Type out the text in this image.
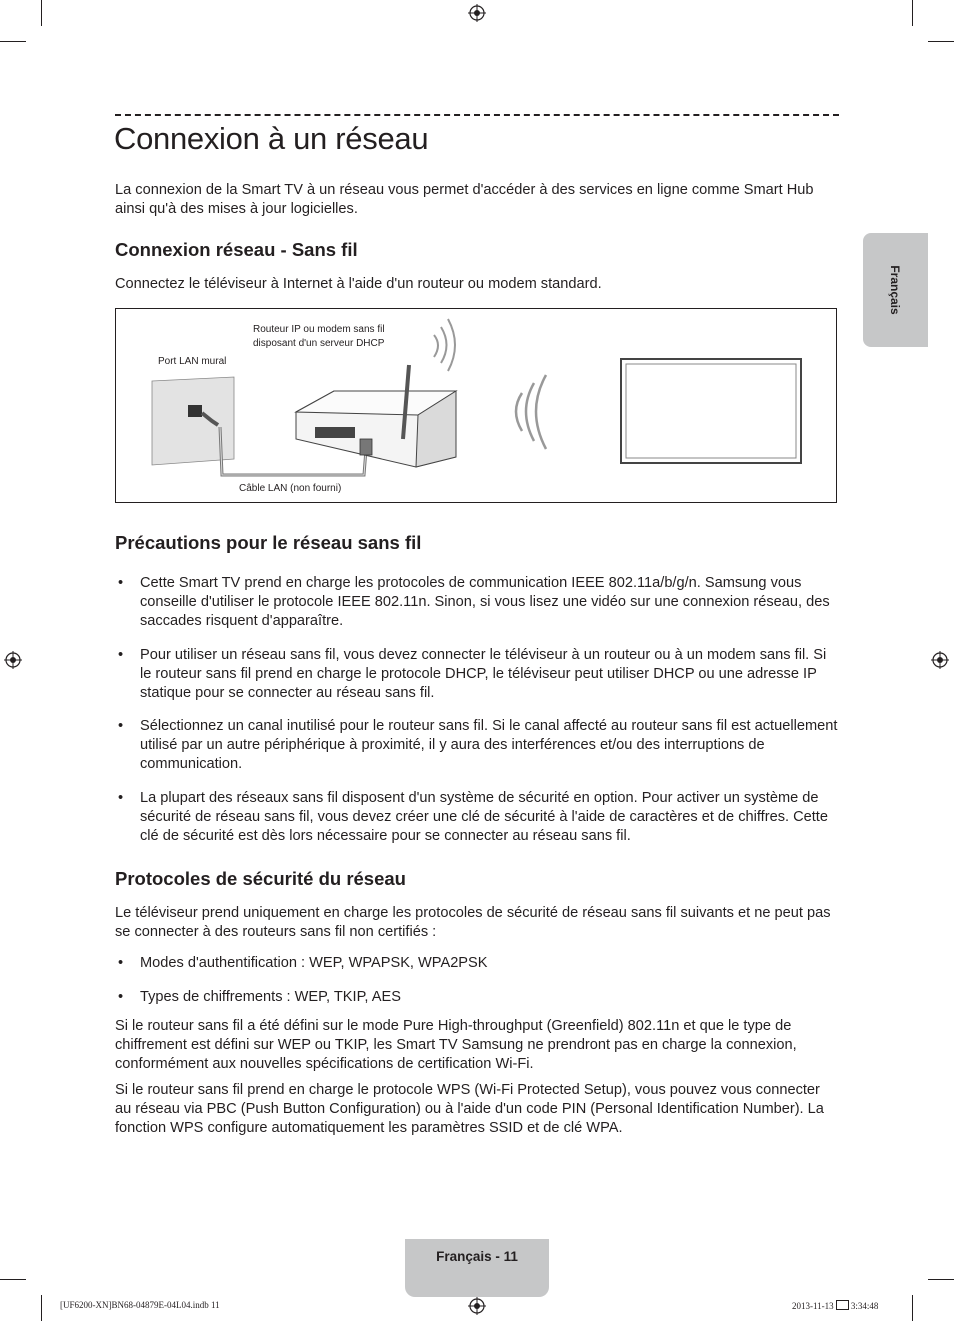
Français
Connexion à un réseau

La connexion de la Smart TV à un réseau vous permet d'accéder à des services en ligne comme Smart Hub ainsi qu'à des mises à jour logicielles.

Connexion réseau - Sans fil

Connectez le téléviseur à Internet à l'aide d'un routeur ou modem standard.

Routeur IP ou modem sans fil
disposant d'un serveur DHCP
Port LAN mural
Câble LAN (non fourni)
Précautions pour le réseau sans fil
• Cette Smart TV prend en charge les protocoles de communication IEEE 802.11a/b/g/n. Samsung vous conseille d'utiliser le protocole IEEE 802.11n. Sinon, si vous lisez une vidéo sur une connexion réseau, des saccades risquent d'apparaître.

• Pour utiliser un réseau sans fil, vous devez connecter le téléviseur à un routeur ou à un modem sans fil. Si le routeur sans fil prend en charge le protocole DHCP, le téléviseur peut utiliser DHCP ou une adresse IP statique pour se connecter au réseau sans fil.

• Sélectionnez un canal inutilisé pour le routeur sans fil. Si le canal affecté au routeur sans fil est actuellement utilisé par un autre périphérique à proximité, il y aura des interférences et/ou des interruptions de communication.

• La plupart des réseaux sans fil disposent d'un système de sécurité en option. Pour activer un système de sécurité de réseau sans fil, vous devez créer une clé de sécurité à l'aide de caractères et de chiffres. Cette clé de sécurité est dès lors nécessaire pour se connecter au réseau sans fil.

Protocoles de sécurité du réseau

Le téléviseur prend uniquement en charge les protocoles de sécurité de réseau sans fil suivants et ne peut pas se connecter à des routeurs sans fil non certifiés :

• Modes d'authentification : WEP, WPAPSK, WPA2PSK

• Types de chiffrements : WEP, TKIP, AES

Si le routeur sans fil a été défini sur le mode Pure High-throughput (Greenfield) 802.11n et que le type de chiffrement est défini sur WEP ou TKIP, les Smart TV Samsung ne prendront pas en charge la connexion, conformément aux nouvelles spécifications de certification Wi-Fi.

Si le routeur sans fil prend en charge le protocole WPS (Wi-Fi Protected Setup), vous pouvez vous connecter au réseau via PBC (Push Button Configuration) ou à l'aide d'un code PIN (Personal Identification Number). La fonction WPS configure automatiquement les paramètres SSID et de clé WPA.

Français - 11
[UF6200-XN]BN68-04879E-04L04.indb 11	2013-11-13 3:34:48
